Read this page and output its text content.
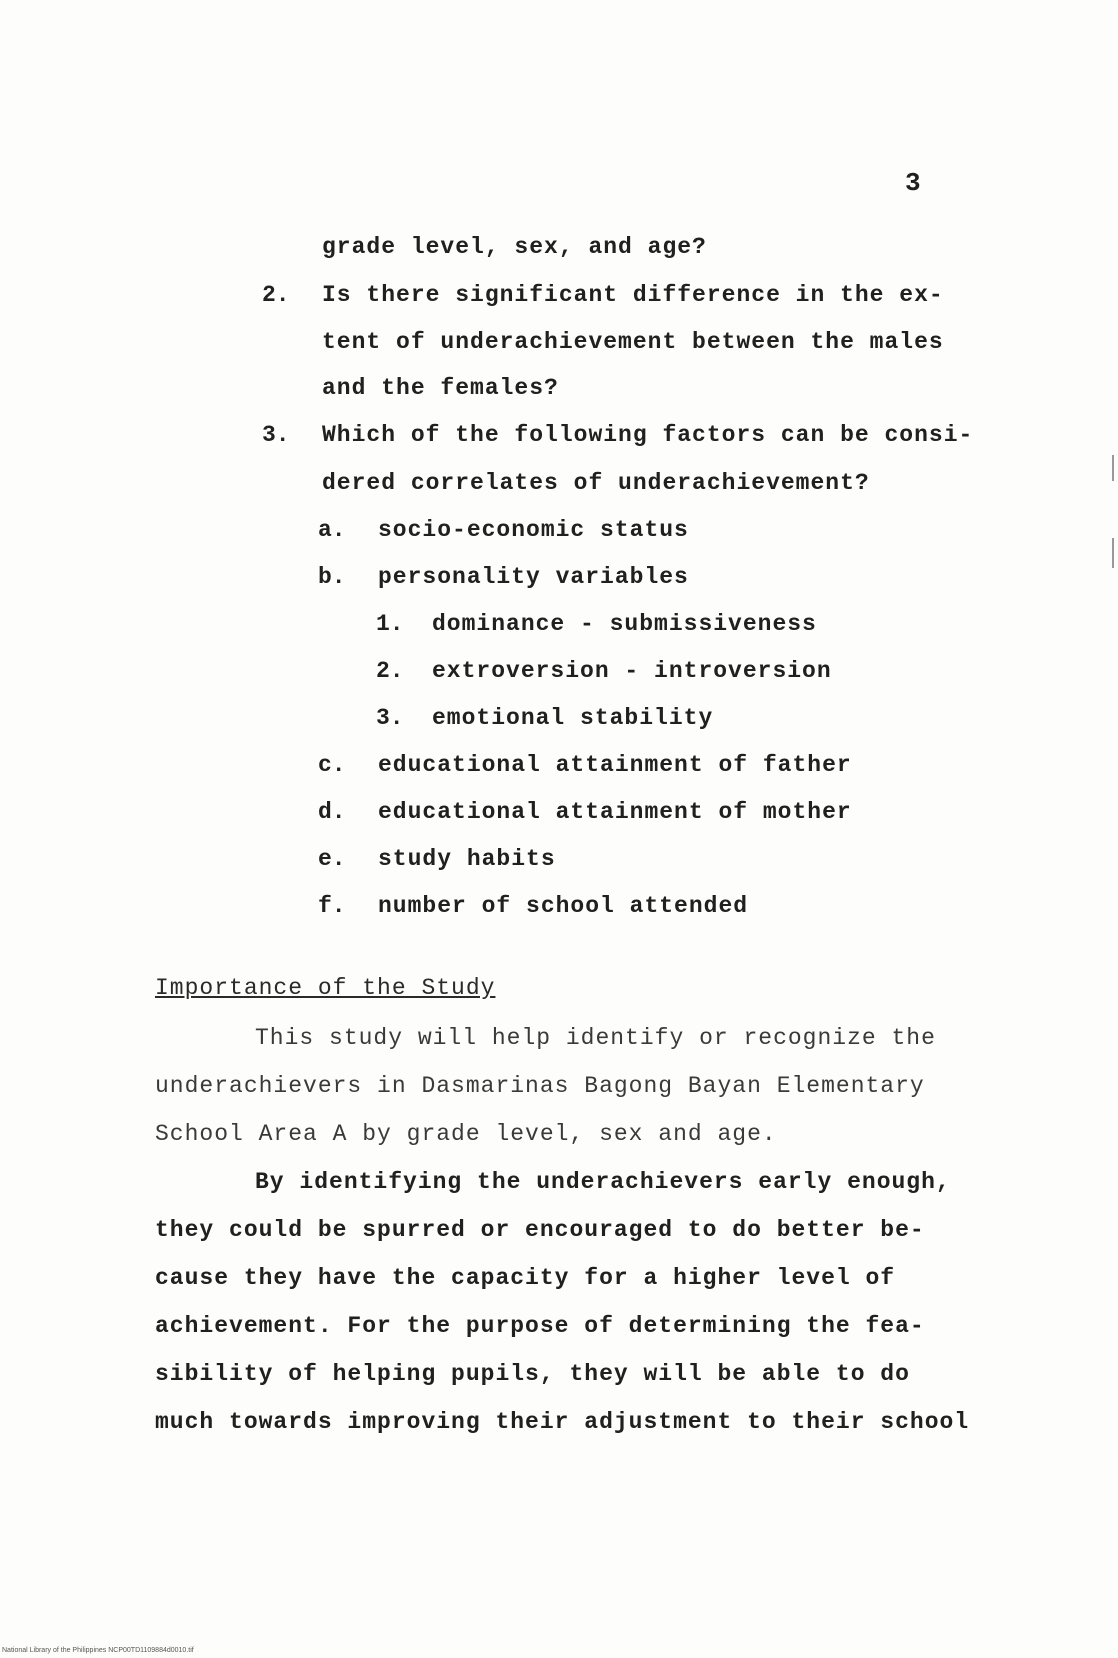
3
grade level, sex, and age?
2. Is there significant difference in the ex-
tent of underachievement between the males
and the females?
3. Which of the following factors can be consi-
dered correlates of underachievement?
a. socio-economic status
b. personality variables
1. dominance - submissiveness
2. extroversion - introversion
3. emotional stability
c. educational attainment of father
d. educational attainment of mother
e. study habits
f. number of school attended
Importance of the Study
This study will help identify or recognize the
underachievers in Dasmarinas Bagong Bayan Elementary
School Area A by grade level, sex and age.
By identifying the underachievers early enough,
they could be spurred or encouraged to do better be-
cause they have the capacity for a higher level of
achievement. For the purpose of determining the fea-
sibility of helping pupils, they will be able to do
much towards improving their adjustment to their school
National Library of the Philippines NCP00TD1109884d0010.tif
